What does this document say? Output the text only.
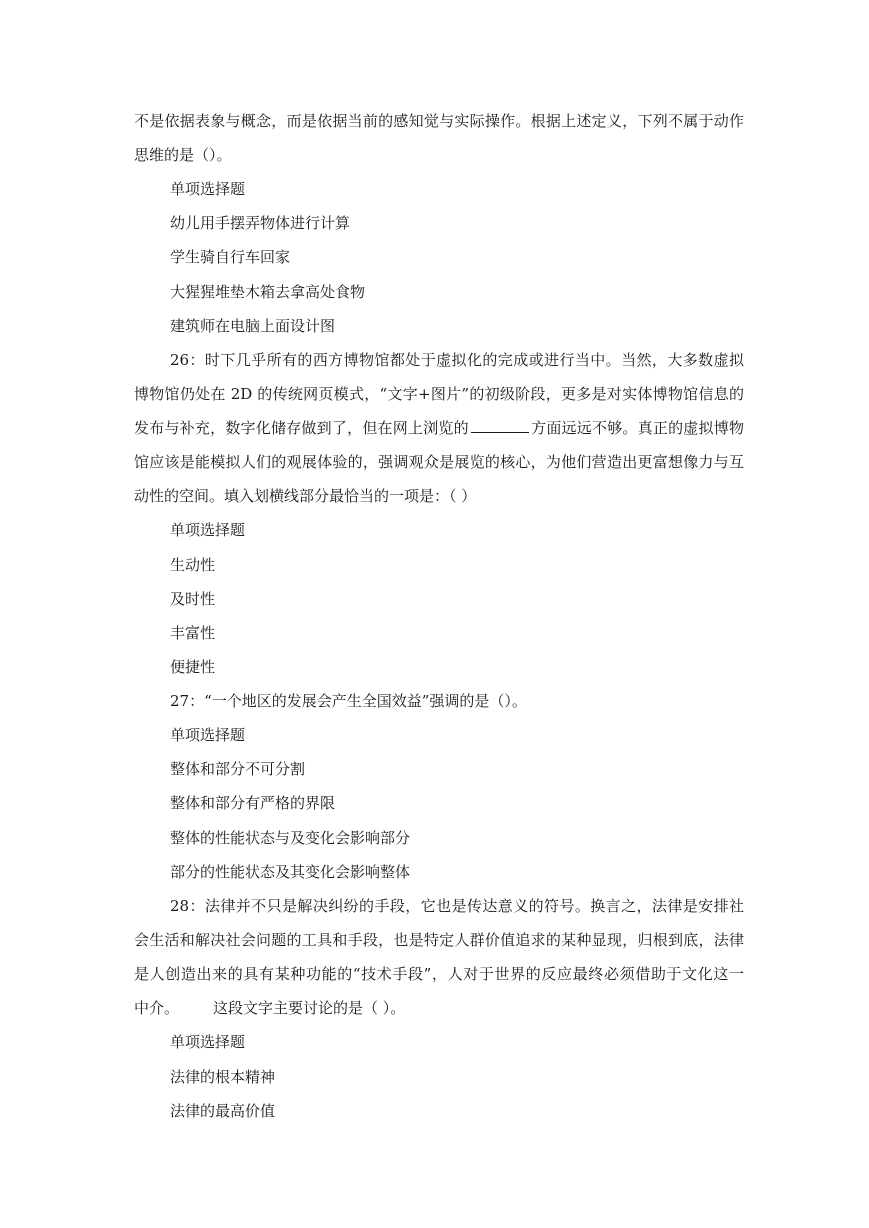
不是依据表象与概念，而是依据当前的感知觉与实际操作。根据上述定义，下列不属于动作
思维的是（）。
单项选择题
幼儿用手摆弄物体进行计算
学生骑自行车回家
大猩猩堆垫木箱去拿高处食物
建筑师在电脑上面设计图
26：时下几乎所有的西方博物馆都处于虚拟化的完成或进行当中。当然，大多数虚拟
博物馆仍处在 2D 的传统网页模式，“文字+图片”的初级阶段，更多是对实体博物馆信息的
发布与补充，数字化储存做到了，但在网上浏览的	方面远远不够。真正的虚拟博物
馆应该是能模拟人们的观展体验的，强调观众是展览的核心，为他们营造出更富想像力与互
动性的空间。填入划横线部分最恰当的一项是：（ ）
单项选择题
生动性
及时性
丰富性
便捷性
27：“一个地区的发展会产生全国效益”强调的是（）。
单项选择题
整体和部分不可分割
整体和部分有严格的界限
整体的性能状态与及变化会影响部分
部分的性能状态及其变化会影响整体
28：法律并不只是解决纠纷的手段，它也是传达意义的符号。换言之，法律是安排社
会生活和解决社会问题的工具和手段，也是特定人群价值追求的某种显现，归根到底，法律
是人创造出来的具有某种功能的“技术手段”，人对于世界的反应最终必须借助于文化这一
中介。 这段文字主要讨论的是（ ）。
单项选择题
法律的根本精神
法律的最高价值
